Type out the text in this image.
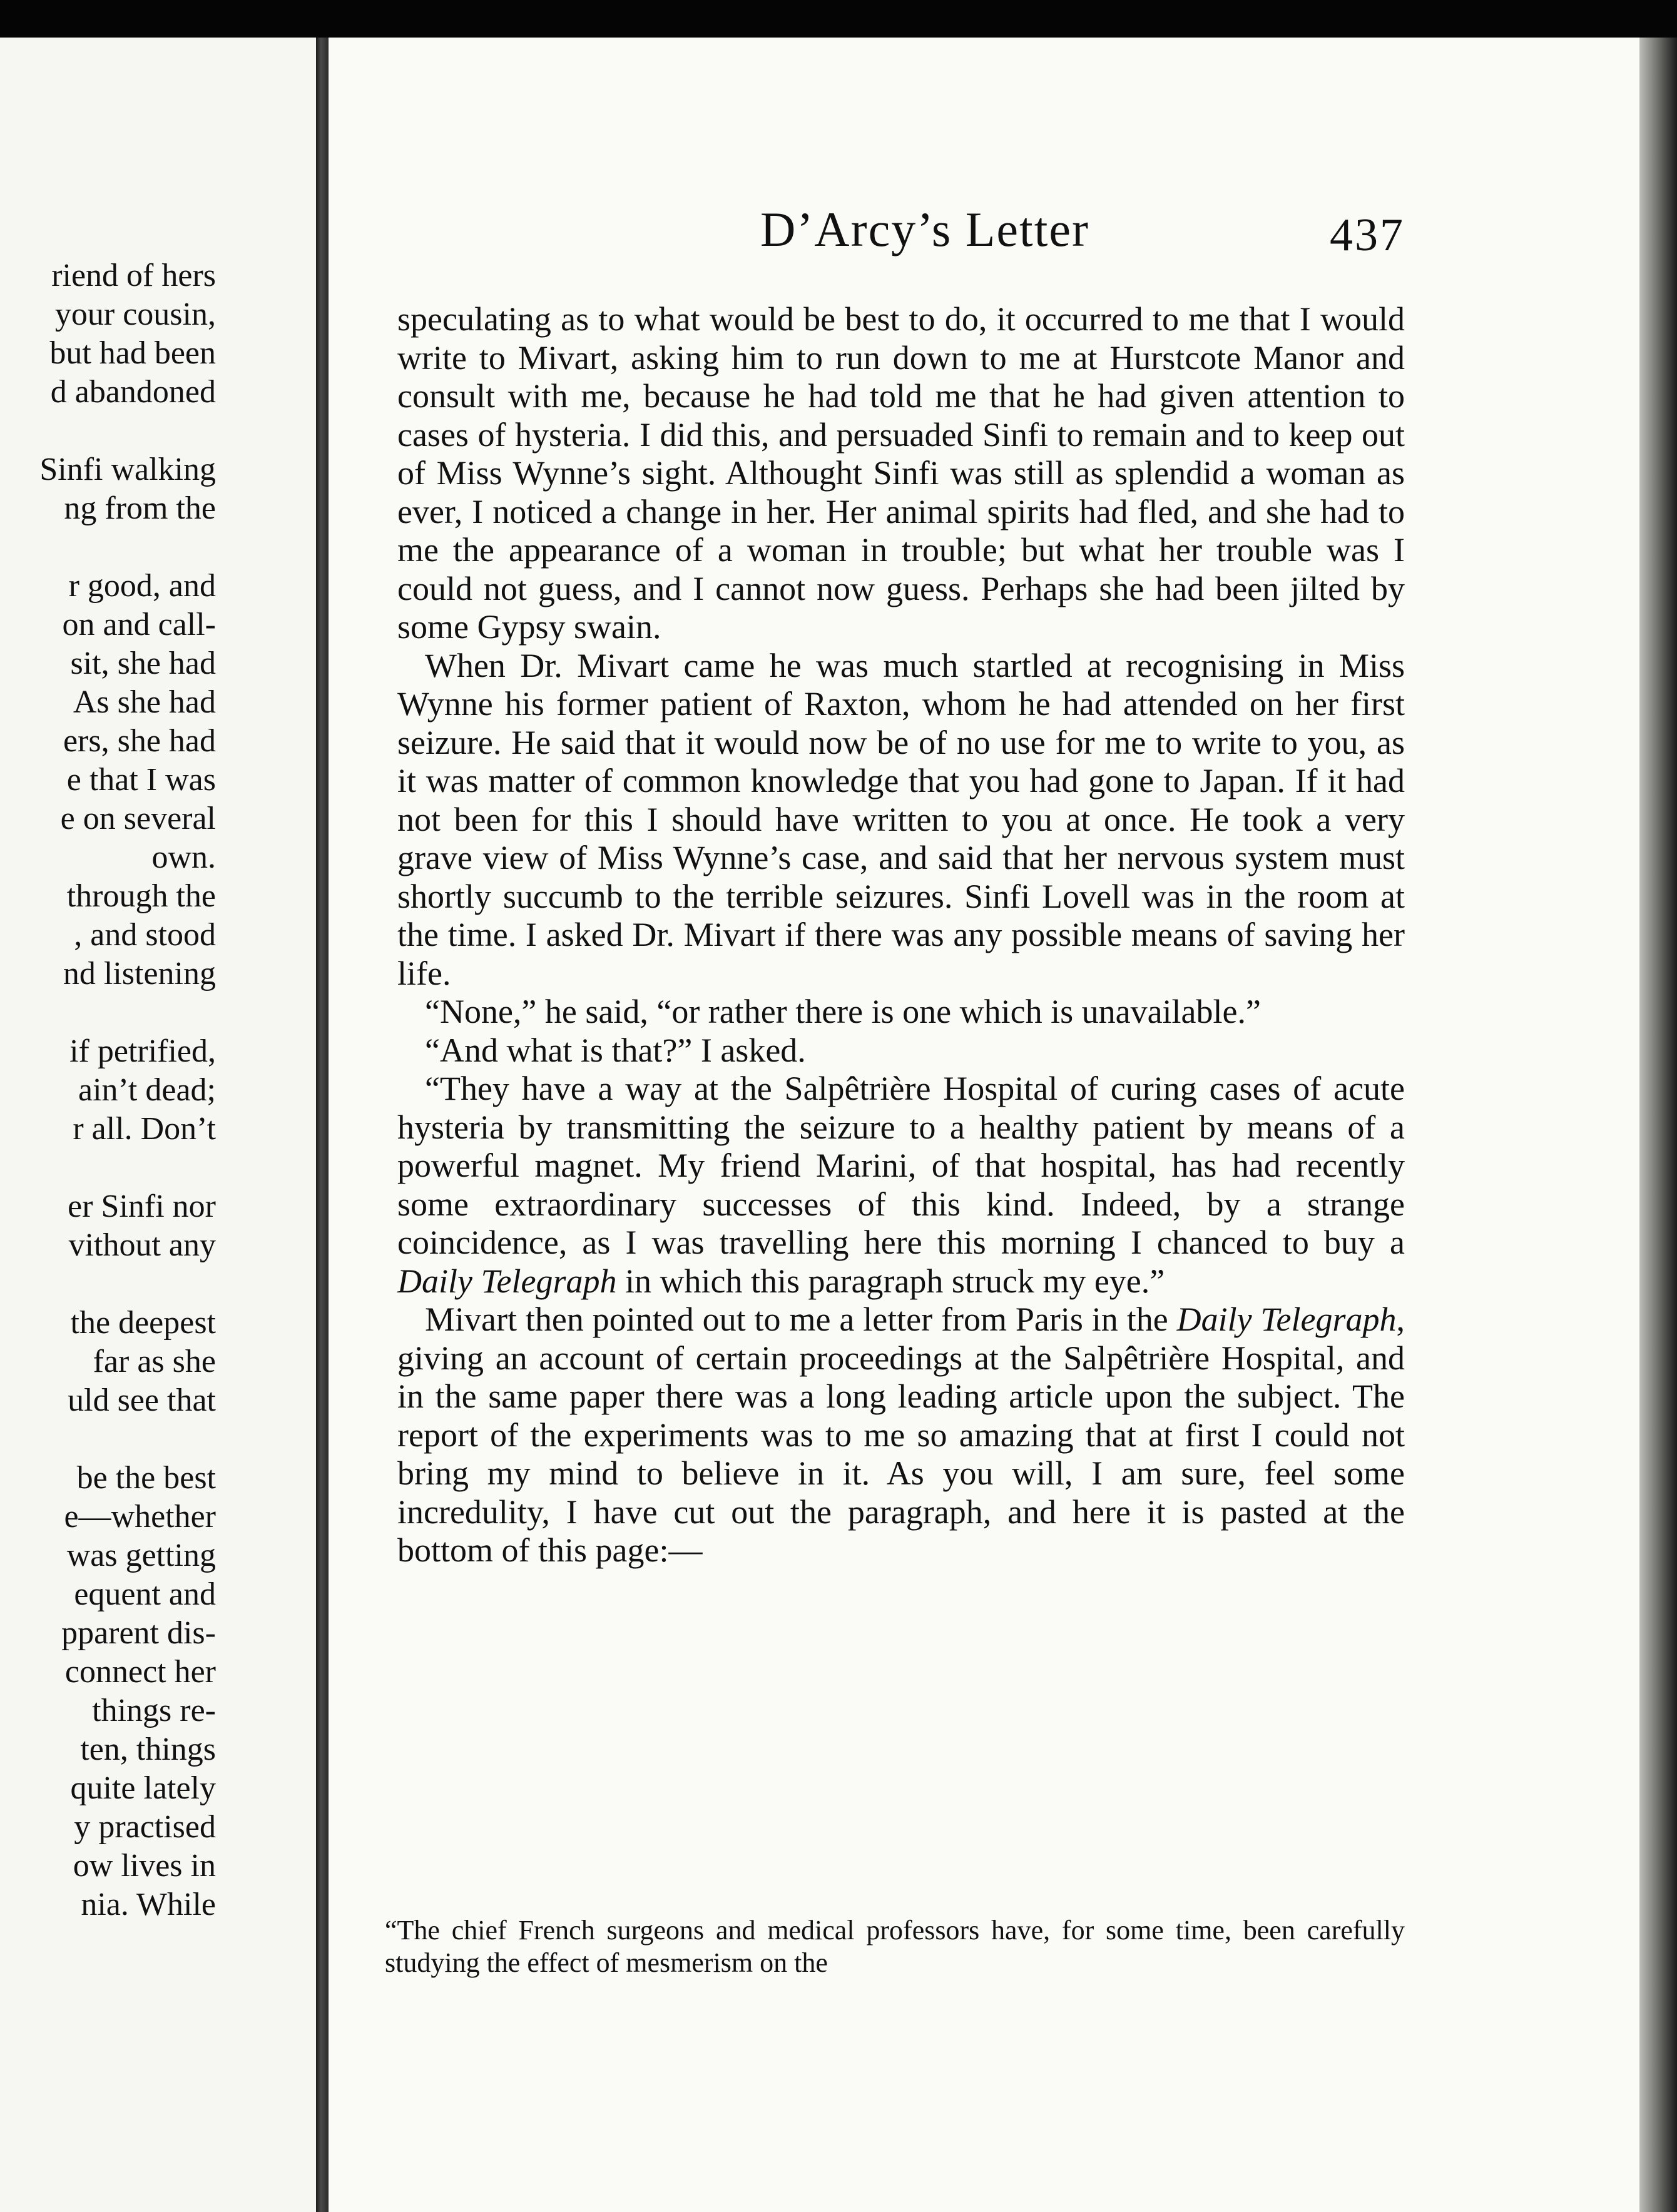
riend of hers
your cousin,
but had been
d abandoned
Sinfi walking
ng from the
r good, and
on and call-
sit, she had
As she had
ers, she had
e that I was
e on several
own.
through the
, and stood
nd listening
if petrified,
ain’t dead;
r all. Don’t
er Sinfi nor
vithout any
the deepest
far as she
uld see that
be the best
e—whether
was getting
equent and
pparent dis-
connect her
things re-
ten, things
quite lately
y practised
ow lives in
nia. While
D’Arcy’s Letter	437

speculating as to what would be best to do, it occurred to me that I would write to Mivart, asking him to run down to me at Hurstcote Manor and consult with me, because he had told me that he had given attention to cases of hysteria. I did this, and persuaded Sinfi to remain and to keep out of Miss Wynne’s sight. Althought Sinfi was still as splendid a woman as ever, I noticed a change in her. Her animal spirits had fled, and she had to me the appearance of a woman in trouble; but what her trouble was I could not guess, and I cannot now guess. Perhaps she had been jilted by some Gypsy swain.

When Dr. Mivart came he was much startled at recognising in Miss Wynne his former patient of Raxton, whom he had attended on her first seizure. He said that it would now be of no use for me to write to you, as it was matter of common knowledge that you had gone to Japan. If it had not been for this I should have written to you at once. He took a very grave view of Miss Wynne’s case, and said that her nervous system must shortly succumb to the terrible seizures. Sinfi Lovell was in the room at the time. I asked Dr. Mivart if there was any possible means of saving her life.

“None,” he said, “or rather there is one which is unavailable.”

“And what is that?” I asked.

“They have a way at the Salpêtrière Hospital of curing cases of acute hysteria by transmitting the seizure to a healthy patient by means of a powerful magnet. My friend Marini, of that hospital, has had recently some extraordinary successes of this kind. Indeed, by a strange coincidence, as I was travelling here this morning I chanced to buy a Daily Telegraph in which this paragraph struck my eye.”

Mivart then pointed out to me a letter from Paris in the Daily Telegraph, giving an account of certain proceedings at the Salpêtrière Hospital, and in the same paper there was a long leading article upon the subject. The report of the experiments was to me so amazing that at first I could not bring my mind to believe in it. As you will, I am sure, feel some incredulity, I have cut out the paragraph, and here it is pasted at the bottom of this page:—

“The chief French surgeons and medical professors have, for some time, been carefully studying the effect of mesmerism on the
